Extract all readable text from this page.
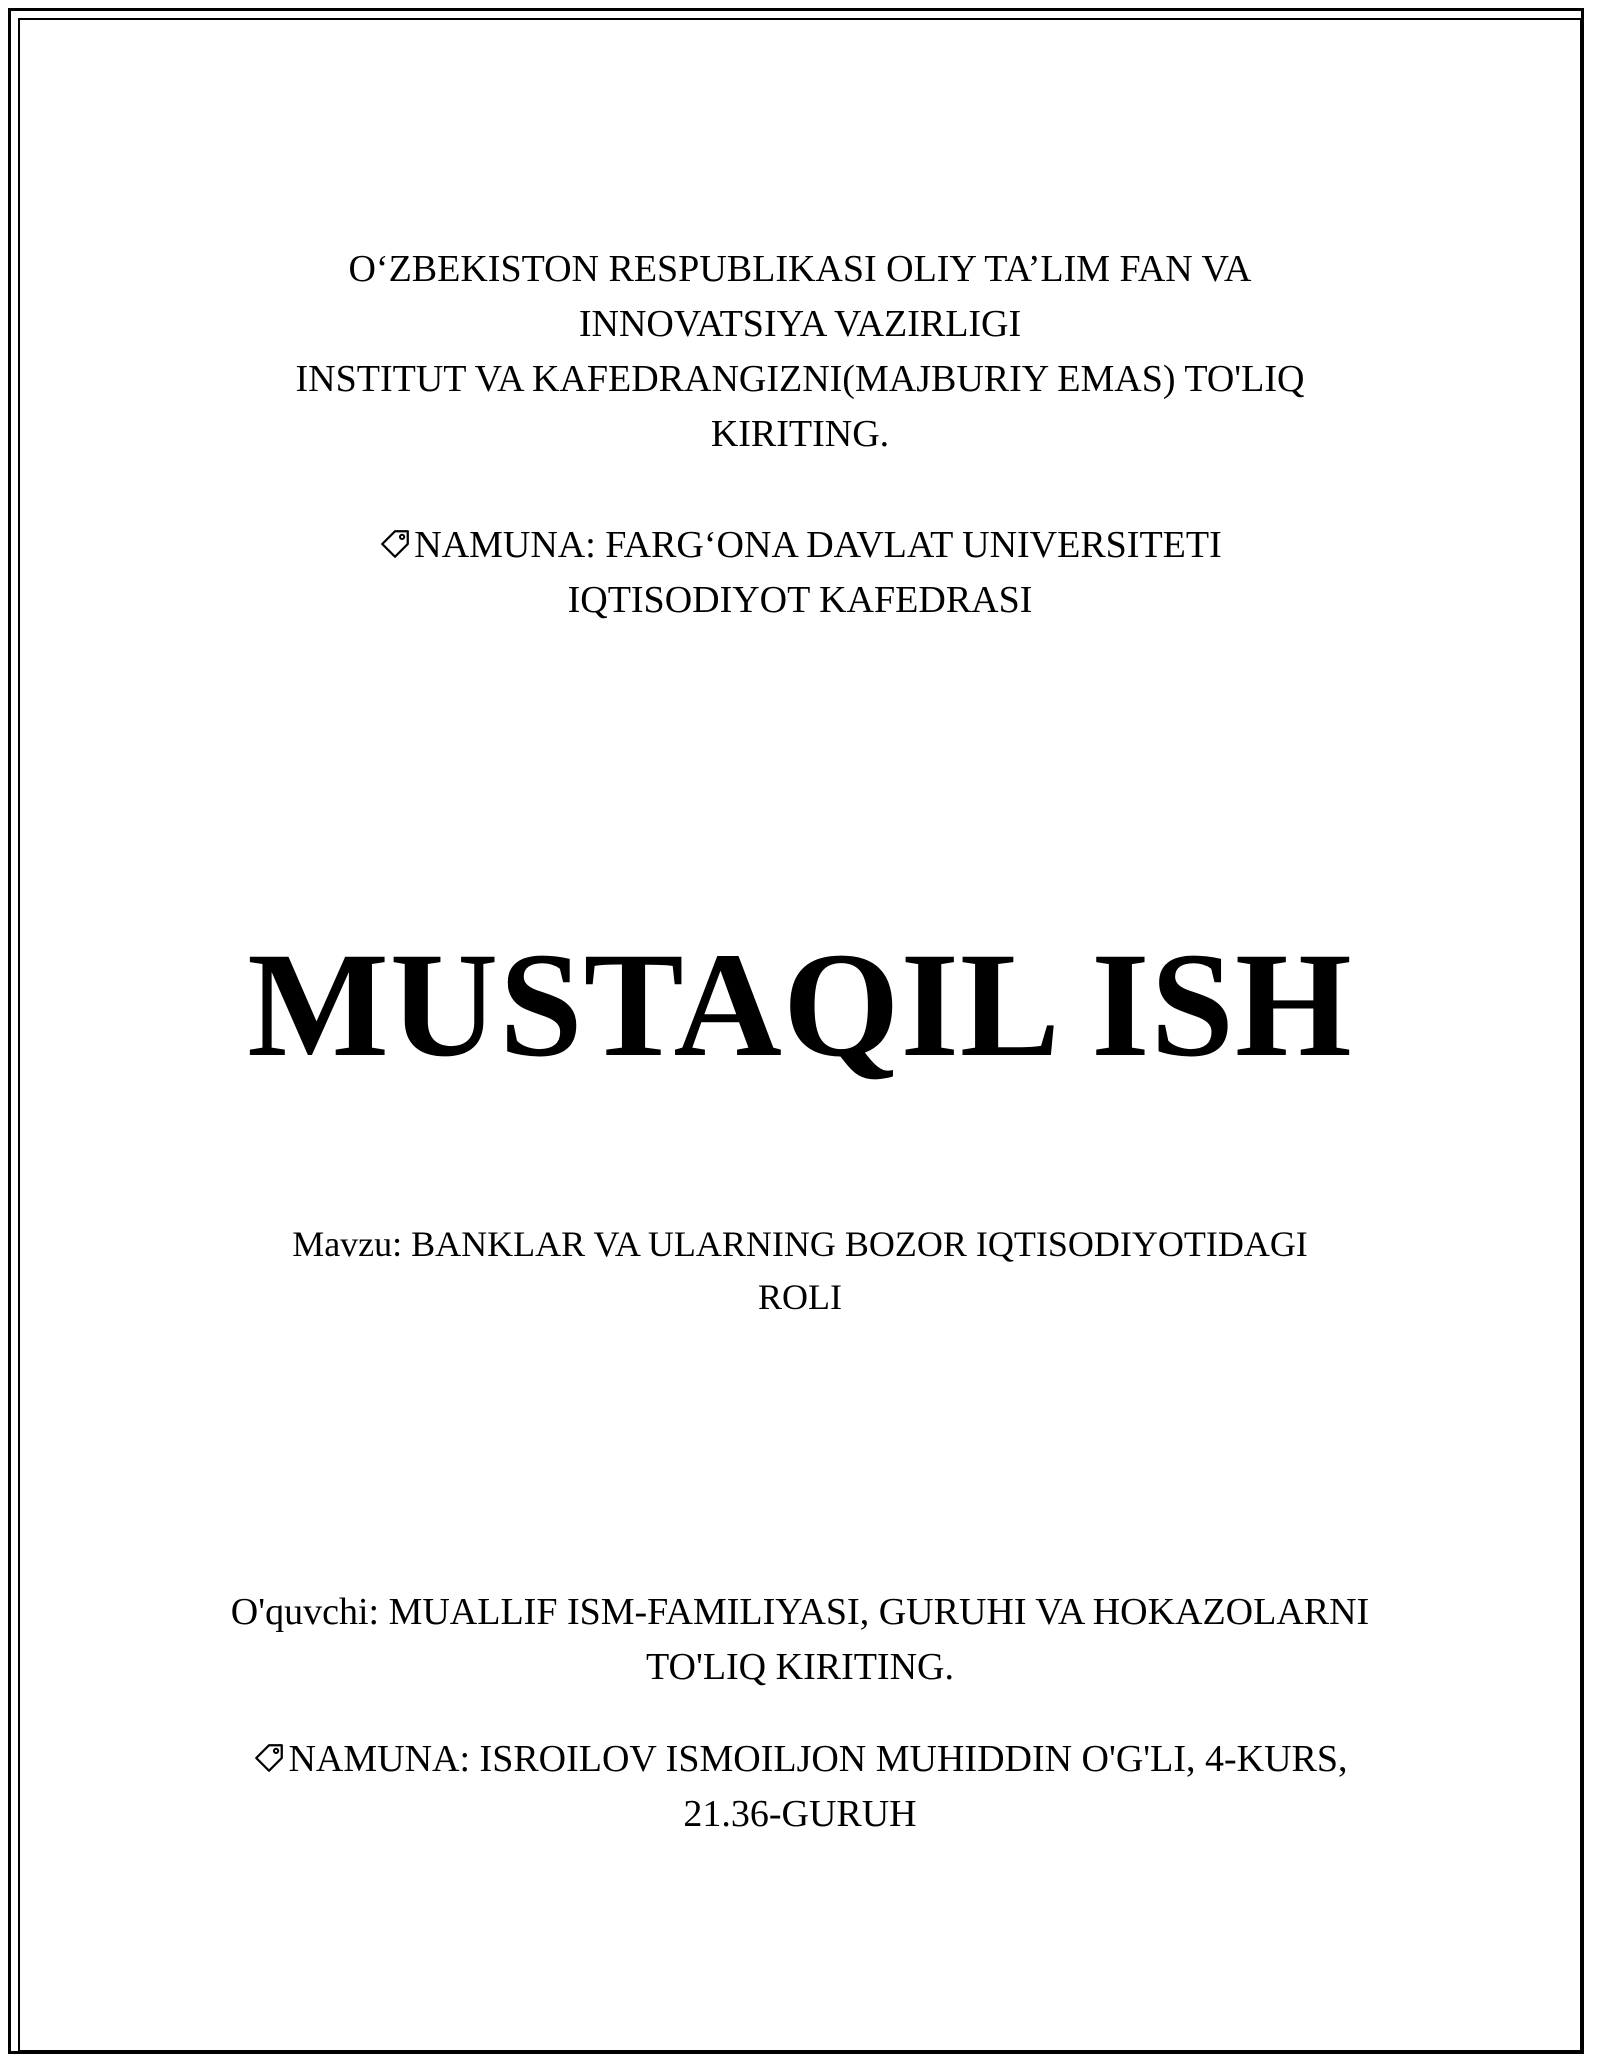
O‘ZBEKISTON RESPUBLIKASI OLIY TA’LIM FAN VA
INNOVATSIYA VAZIRLIGI
INSTITUT VA KAFEDRANGIZNI(MAJBURIY EMAS) TO'LIQ
KIRITING.
NAMUNA: FARG‘ONA DAVLAT UNIVERSITETI
IQTISODIYOT KAFEDRASI
MUSTAQIL ISH
Mavzu: BANKLAR VA ULARNING BOZOR IQTISODIYOTIDAGI
ROLI
O'quvchi: MUALLIF ISM-FAMILIYASI, GURUHI VA HOKAZOLARNI
TO'LIQ KIRITING.
NAMUNA: ISROILOV ISMOILJON MUHIDDIN O'G'LI, 4-KURS,
21.36-GURUH
